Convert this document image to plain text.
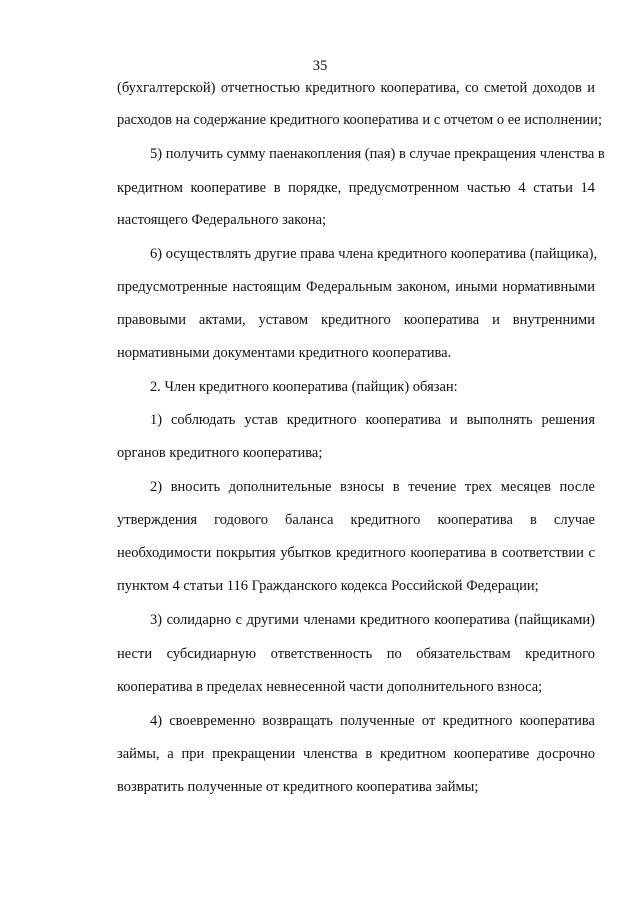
35
(бухгалтерской) отчетностью кредитного кооператива, со сметой доходов и
расходов на содержание кредитного кооператива и с отчетом о ее исполнении;
5) получить сумму паенакопления (пая) в случае прекращения членства в
кредитном кооперативе в порядке, предусмотренном частью 4 статьи 14
настоящего Федерального закона;
6) осуществлять другие права члена кредитного кооператива (пайщика),
предусмотренные настоящим Федеральным законом, иными нормативными
правовыми актами, уставом кредитного кооператива и внутренними
нормативными документами кредитного кооператива.
2. Член кредитного кооператива (пайщик) обязан:
1) соблюдать устав кредитного кооператива и выполнять решения
органов кредитного кооператива;
2) вносить дополнительные взносы в течение трех месяцев после
утверждения годового баланса кредитного кооператива в случае
необходимости покрытия убытков кредитного кооператива в соответствии с
пунктом 4 статьи 116 Гражданского кодекса Российской Федерации;
3) солидарно с другими членами кредитного кооператива (пайщиками)
нести субсидиарную ответственность по обязательствам кредитного
кооператива в пределах невнесенной части дополнительного взноса;
4) своевременно возвращать полученные от кредитного кооператива
займы, а при прекращении членства в кредитном кооперативе досрочно
возвратить полученные от кредитного кооператива займы;
